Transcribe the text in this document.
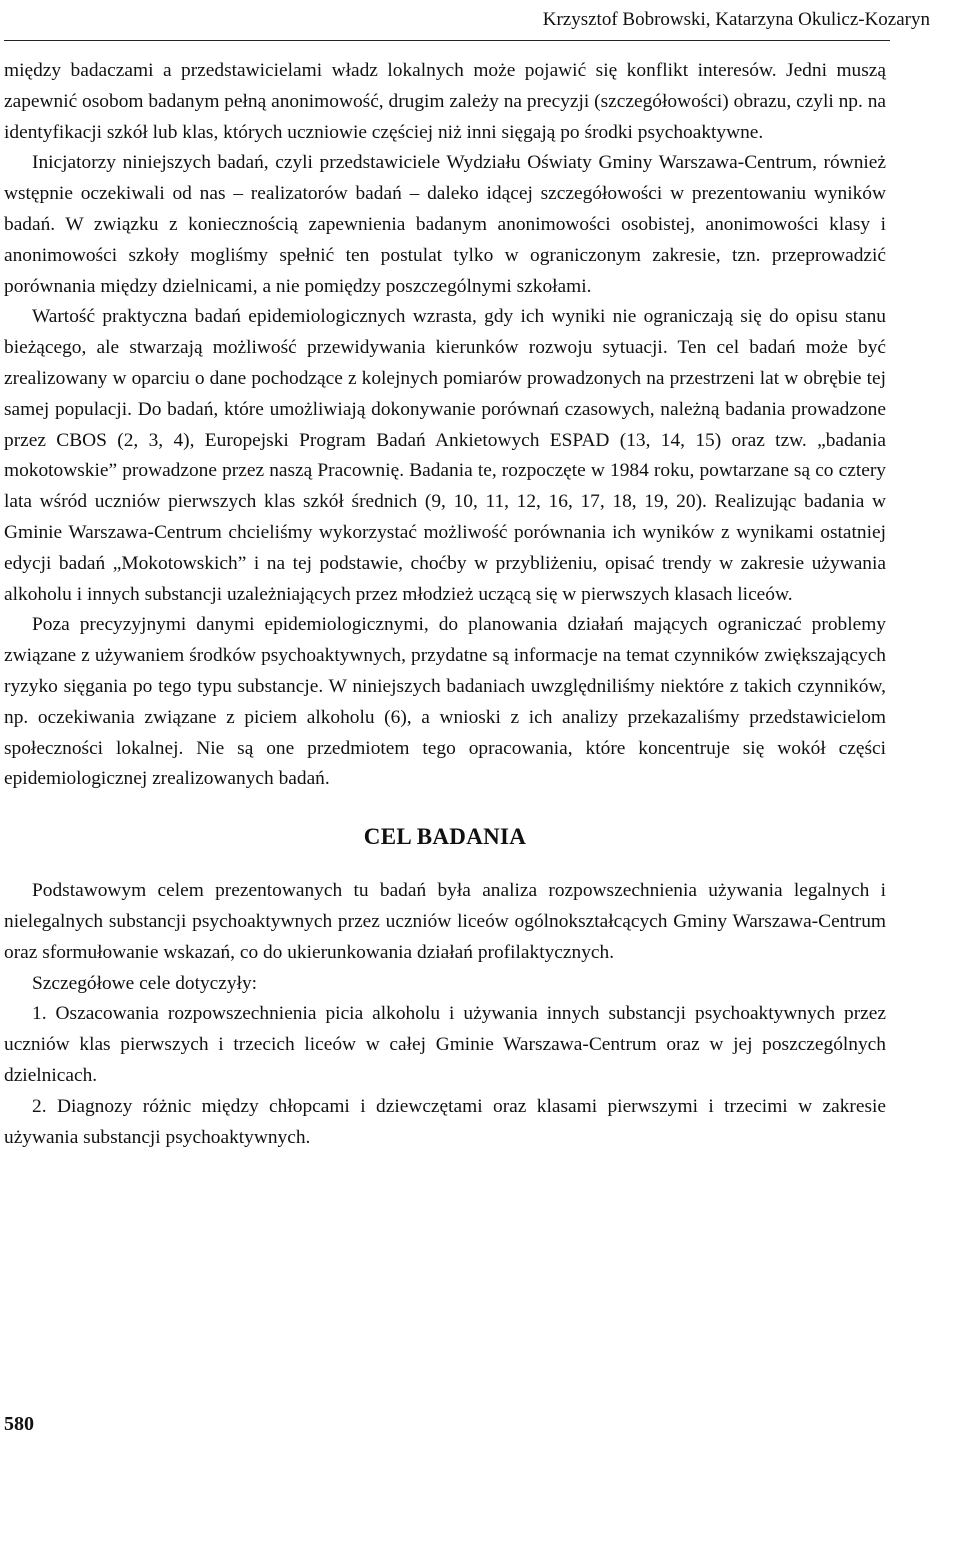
Krzysztof Bobrowski, Katarzyna Okulicz-Kozaryn

między badaczami a przedstawicielami władz lokalnych może pojawić się konflikt interesów. Jedni muszą zapewnić osobom badanym pełną anonimowość, drugim zależy na precyzji (szczegółowości) obrazu, czyli np. na identyfikacji szkół lub klas, których uczniowie częściej niż inni sięgają po środki psychoaktywne.

Inicjatorzy niniejszych badań, czyli przedstawiciele Wydziału Oświaty Gminy Warszawa-Centrum, również wstępnie oczekiwali od nas – realizatorów badań – daleko idącej szczegółowości w prezentowaniu wyników badań. W związku z koniecznością zapewnienia badanym anonimowości osobistej, anonimowości klasy i anonimowości szkoły mogliśmy spełnić ten postulat tylko w ograniczonym zakresie, tzn. przeprowadzić porównania między dzielnicami, a nie pomiędzy poszczególnymi szkołami.

Wartość praktyczna badań epidemiologicznych wzrasta, gdy ich wyniki nie ograniczają się do opisu stanu bieżącego, ale stwarzają możliwość przewidywania kierunków rozwoju sytuacji. Ten cel badań może być zrealizowany w oparciu o dane pochodzące z kolejnych pomiarów prowadzonych na przestrzeni lat w obrębie tej samej populacji. Do badań, które umożliwiają dokonywanie porównań czasowych, należną badania prowadzone przez CBOS (2, 3, 4), Europejski Program Badań Ankietowych ESPAD (13, 14, 15) oraz tzw. „badania mokotowskie” prowadzone przez naszą Pracownię. Badania te, rozpoczęte w 1984 roku, powtarzane są co cztery lata wśród uczniów pierwszych klas szkół średnich (9, 10, 11, 12, 16, 17, 18, 19, 20). Realizując badania w Gminie Warszawa-Centrum chcieliśmy wykorzystać możliwość porównania ich wyników z wynikami ostatniej edycji badań „Mokotowskich” i na tej podstawie, choćby w przybliżeniu, opisać trendy w zakresie używania alkoholu i innych substancji uzależniających przez młodzież uczącą się w pierwszych klasach liceów.

Poza precyzyjnymi danymi epidemiologicznymi, do planowania działań mających ograniczać problemy związane z używaniem środków psychoaktywnych, przydatne są informacje na temat czynników zwiększających ryzyko sięgania po tego typu substancje. W niniejszych badaniach uwzględniliśmy niektóre z takich czynników, np. oczekiwania związane z piciem alkoholu (6), a wnioski z ich analizy przekazaliśmy przedstawicielom społeczności lokalnej. Nie są one przedmiotem tego opracowania, które koncentruje się wokół części epidemiologicznej zrealizowanych badań.

CEL BADANIA

Podstawowym celem prezentowanych tu badań była analiza rozpowszechnienia używania legalnych i nielegalnych substancji psychoaktywnych przez uczniów liceów ogólnokształcących Gminy Warszawa-Centrum oraz sformułowanie wskazań, co do ukierunkowania działań profilaktycznych.

Szczegółowe cele dotyczyły:

1. Oszacowania rozpowszechnienia picia alkoholu i używania innych substancji psychoaktywnych przez uczniów klas pierwszych i trzecich liceów w całej Gminie Warszawa-Centrum oraz w jej poszczególnych dzielnicach.

2. Diagnozy różnic między chłopcami i dziewczętami oraz klasami pierwszymi i trzecimi w zakresie używania substancji psychoaktywnych.

580
